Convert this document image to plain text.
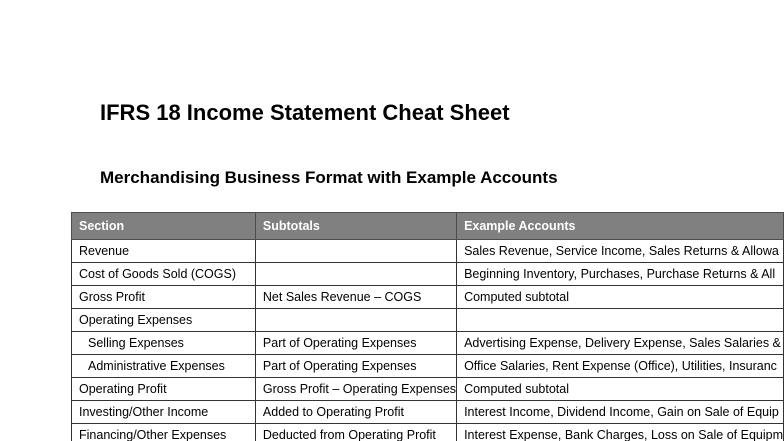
IFRS 18 Income Statement Cheat Sheet
Merchandising Business Format with Example Accounts
Section	Subtotals	Example Accounts
Revenue		Sales Revenue, Service Income, Sales Returns & Allowa
Cost of Goods Sold (COGS)		Beginning Inventory, Purchases, Purchase Returns & All
Gross Profit	Net Sales Revenue – COGS	Computed subtotal
Operating Expenses		
Selling Expenses	Part of Operating Expenses	Advertising Expense, Delivery Expense, Sales Salaries &
Administrative Expenses	Part of Operating Expenses	Office Salaries, Rent Expense (Office), Utilities, Insuranc
Operating Profit	Gross Profit – Operating Expenses	Computed subtotal
Investing/Other Income	Added to Operating Profit	Interest Income, Dividend Income, Gain on Sale of Equip
Financing/Other Expenses	Deducted from Operating Profit	Interest Expense, Bank Charges, Loss on Sale of Equipm
